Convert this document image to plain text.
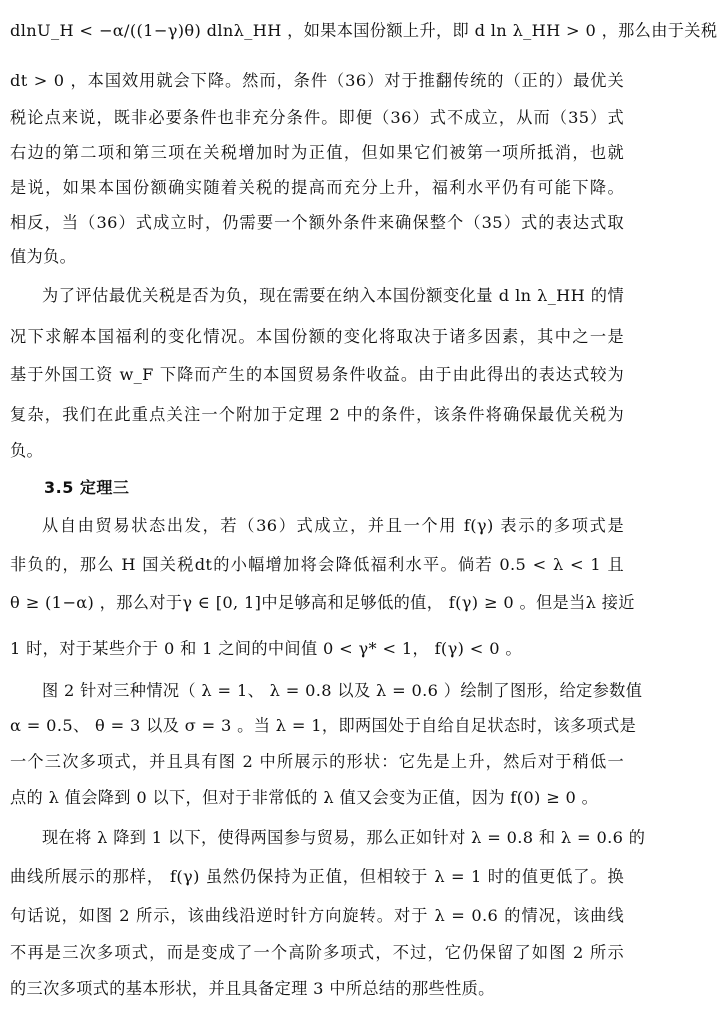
dlnU_H < −α/((1−γ)θ) dlnλ_HH ，如果本国份额上升，即 d ln λ_HH > 0 ，那么由于关税
dt > 0 ，本国效用就会下降。然而，条件（36）对于推翻传统的（正的）最优关
税论点来说，既非必要条件也非充分条件。即便（36）式不成立，从而（35）式
右边的第二项和第三项在关税增加时为正值，但如果它们被第一项所抵消，也就
是说，如果本国份额确实随着关税的提高而充分上升，福利水平仍有可能下降。
相反，当（36）式成立时，仍需要一个额外条件来确保整个（35）式的表达式取
值为负。
为了评估最优关税是否为负，现在需要在纳入本国份额变化量 d ln λ_HH 的情
况下求解本国福利的变化情况。本国份额的变化将取决于诸多因素，其中之一是
基于外国工资 w_F 下降而产生的本国贸易条件收益。由于由此得出的表达式较为
复杂，我们在此重点关注一个附加于定理 2 中的条件，该条件将确保最优关税为
负。
3.5 定理三
从自由贸易状态出发，若（36）式成立，并且一个用 f(γ) 表示的多项式是
非负的，那么 H 国关税dt的小幅增加将会降低福利水平。倘若 0.5 < λ < 1 且
θ ≥ (1−α) ，那么对于γ ∈ [0, 1]中足够高和足够低的值， f(γ) ≥ 0 。但是当λ 接近
1 时，对于某些介于 0 和 1 之间的中间值 0 < γ* < 1， f(γ) < 0 。
图 2 针对三种情况（ λ = 1、 λ = 0.8 以及 λ = 0.6 ）绘制了图形，给定参数值
α = 0.5、 θ = 3 以及 σ = 3 。当 λ = 1，即两国处于自给自足状态时，该多项式是
一个三次多项式，并且具有图 2 中所展示的形状：它先是上升，然后对于稍低一
点的 λ 值会降到 0 以下，但对于非常低的 λ 值又会变为正值，因为 f(0) ≥ 0 。
现在将 λ 降到 1 以下，使得两国参与贸易，那么正如针对 λ = 0.8 和 λ = 0.6 的
曲线所展示的那样， f(γ) 虽然仍保持为正值，但相较于 λ = 1 时的值更低了。换
句话说，如图 2 所示，该曲线沿逆时针方向旋转。对于 λ = 0.6 的情况，该曲线
不再是三次多项式，而是变成了一个高阶多项式，不过，它仍保留了如图 2 所示
的三次多项式的基本形状，并且具备定理 3 中所总结的那些性质。
